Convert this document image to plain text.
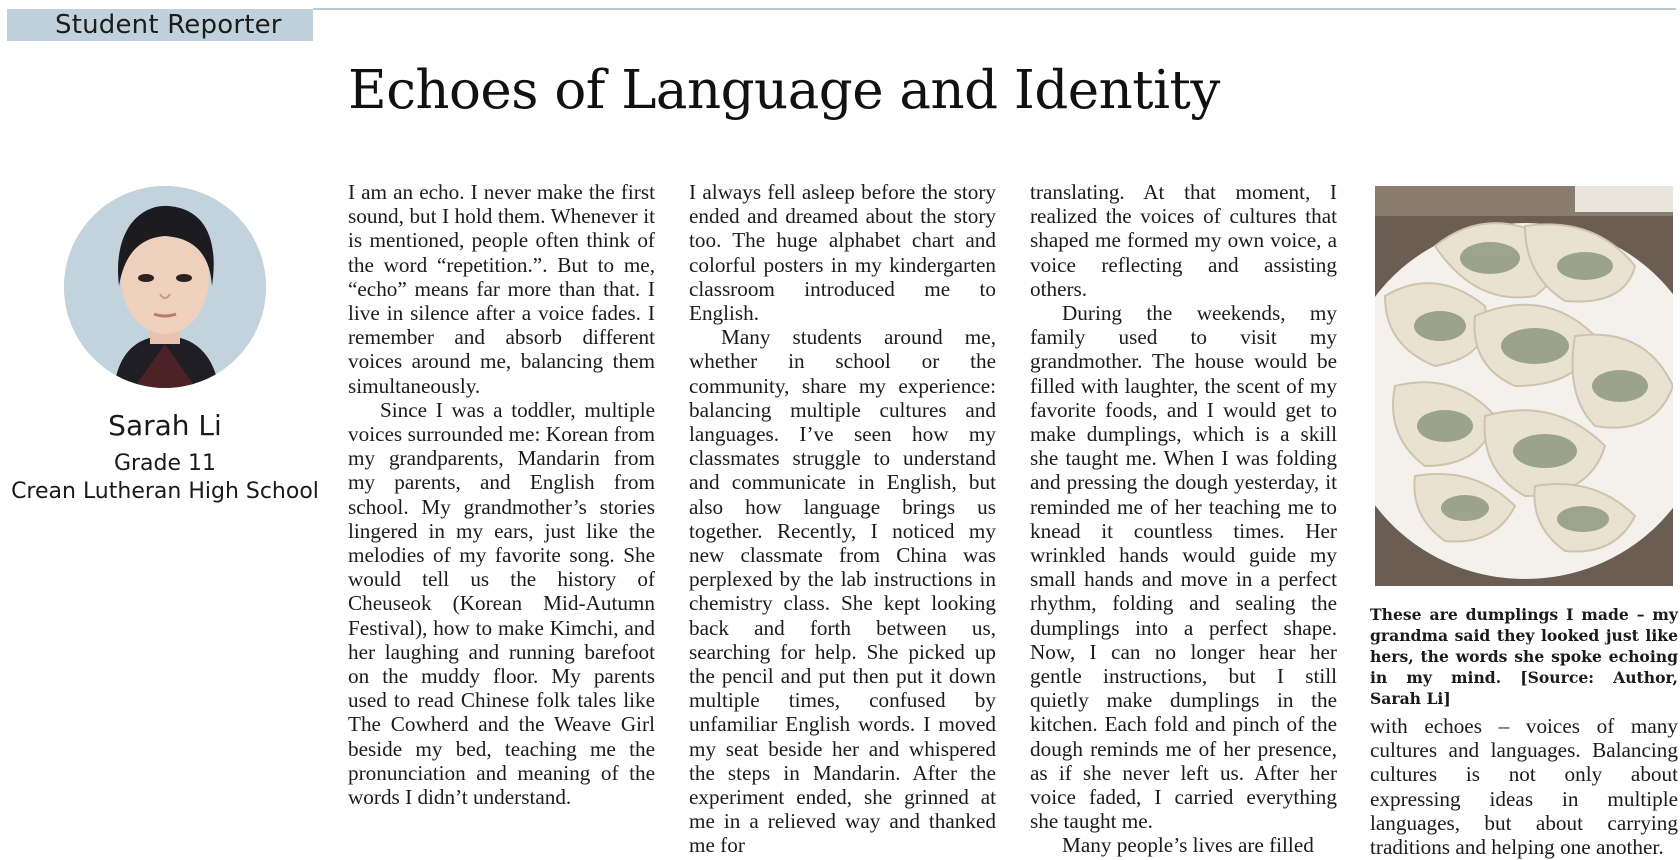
Student Reporter
Echoes of Language and Identity
Sarah Li
Grade 11
Crean Lutheran High School

I am an echo. I never make the first sound, but I hold them. Whenever it is mentioned, people often think of the word “repetition.”. But to me, “echo” means far more than that. I live in silence after a voice fades. I remember and absorb different voices around me, balancing them simultaneously.

Since I was a toddler, multiple voices surrounded me: Korean from my grandparents, Mandarin from my parents, and English from school. My grandmother’s stories lingered in my ears, just like the melodies of my favorite song. She would tell us the history of Cheuseok (Korean Mid-Autumn Festival), how to make Kimchi, and her laughing and running barefoot on the muddy floor. My parents used to read Chinese folk tales like The Cowherd and the Weave Girl beside my bed, teaching me the pronunciation and meaning of the words I didn’t understand.

I always fell asleep before the story ended and dreamed about the story too. The huge alphabet chart and colorful posters in my kindergarten classroom introduced me to English.

Many students around me, whether in school or the community, share my experience: balancing multiple cultures and languages. I’ve seen how my classmates struggle to understand and communicate in English, but also how language brings us together. Recently, I noticed my new classmate from China was perplexed by the lab instructions in chemistry class. She kept looking back and forth between us, searching for help. She picked up the pencil and put then put it down multiple times, confused by unfamiliar English words. I moved my seat beside her and whispered the steps in Mandarin. After the experiment ended, she grinned at me in a relieved way and thanked me for

translating. At that moment, I realized the voices of cultures that shaped me formed my own voice, a voice reflecting and assisting others.

During the weekends, my family used to visit my grandmother. The house would be filled with laughter, the scent of my favorite foods, and I would get to make dumplings, which is a skill she taught me. When I was folding and pressing the dough yesterday, it reminded me of her teaching me to knead it countless times. Her wrinkled hands would guide my small hands and move in a perfect rhythm, folding and sealing the dumplings into a perfect shape. Now, I can no longer hear her gentle instructions, but I still quietly make dumplings in the kitchen. Each fold and pinch of the dough reminds me of her presence, as if she never left us. After her voice faded, I carried everything she taught me.

Many people’s lives are filled

These are dumplings I made – my grandma said they looked just like hers, the words she spoke echoing in my mind. [Source: Author, Sarah Li]

with echoes – voices of many cultures and languages. Balancing cultures is not only about expressing ideas in multiple languages, but about carrying traditions and helping one another.
